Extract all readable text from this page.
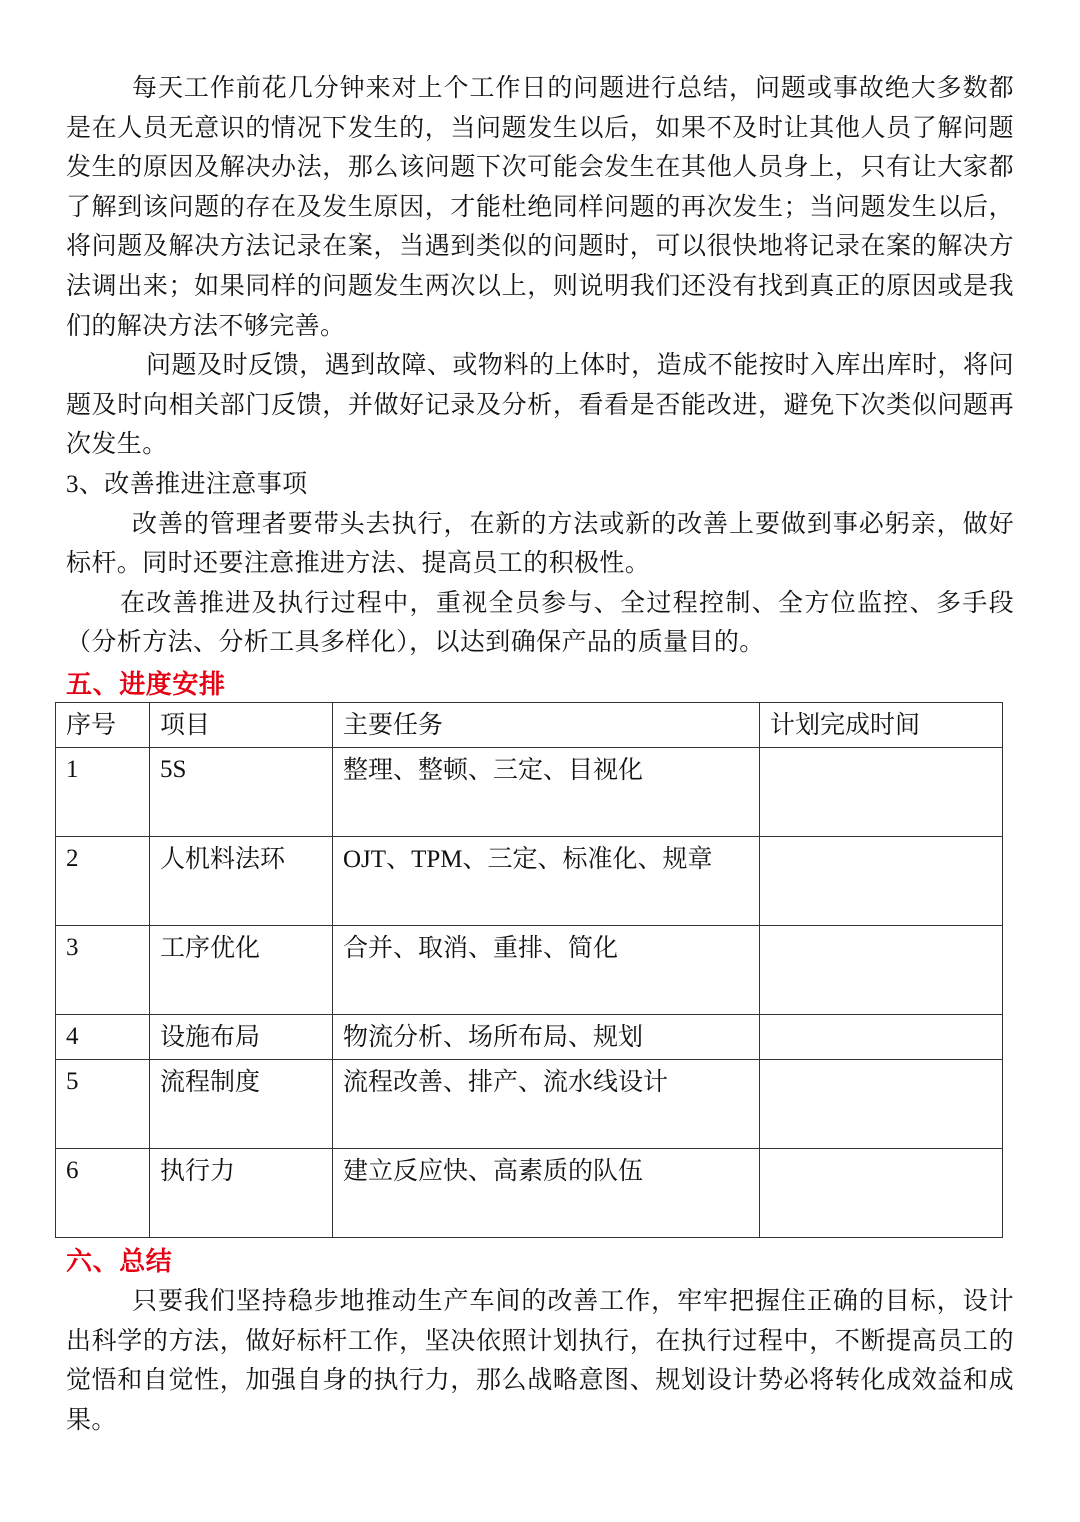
每天工作前花几分钟来对上个工作日的问题进行总结，问题或事故绝大多数都是在人员无意识的情况下发生的，当问题发生以后，如果不及时让其他人员了解问题发生的原因及解决办法，那么该问题下次可能会发生在其他人员身上，只有让大家都了解到该问题的存在及发生原因，才能杜绝同样问题的再次发生；当问题发生以后，将问题及解决方法记录在案，当遇到类似的问题时，可以很快地将记录在案的解决方法调出来；如果同样的问题发生两次以上，则说明我们还没有找到真正的原因或是我们的解决方法不够完善。

问题及时反馈，遇到故障、或物料的上体时，造成不能按时入库出库时，将问题及时向相关部门反馈，并做好记录及分析，看看是否能改进，避免下次类似问题再次发生。

3、改善推进注意事项

改善的管理者要带头去执行，在新的方法或新的改善上要做到事必躬亲，做好标杆。同时还要注意推进方法、提高员工的积极性。

在改善推进及执行过程中，重视全员参与、全过程控制、全方位监控、多手段（分析方法、分析工具多样化），以达到确保产品的质量目的。

五、进度安排
序号	项目	主要任务	计划完成时间
1	5S	整理、整顿、三定、目视化	
2	人机料法环	OJT、TPM、三定、标准化、规章	
3	工序优化	合并、取消、重排、简化	
4	设施布局	物流分析、场所布局、规划	
5	流程制度	流程改善、排产、流水线设计	
6	执行力	建立反应快、高素质的队伍	
六、总结

只要我们坚持稳步地推动生产车间的改善工作，牢牢把握住正确的目标，设计出科学的方法，做好标杆工作，坚决依照计划执行，在执行过程中，不断提高员工的觉悟和自觉性，加强自身的执行力，那么战略意图、规划设计势必将转化成效益和成果。
